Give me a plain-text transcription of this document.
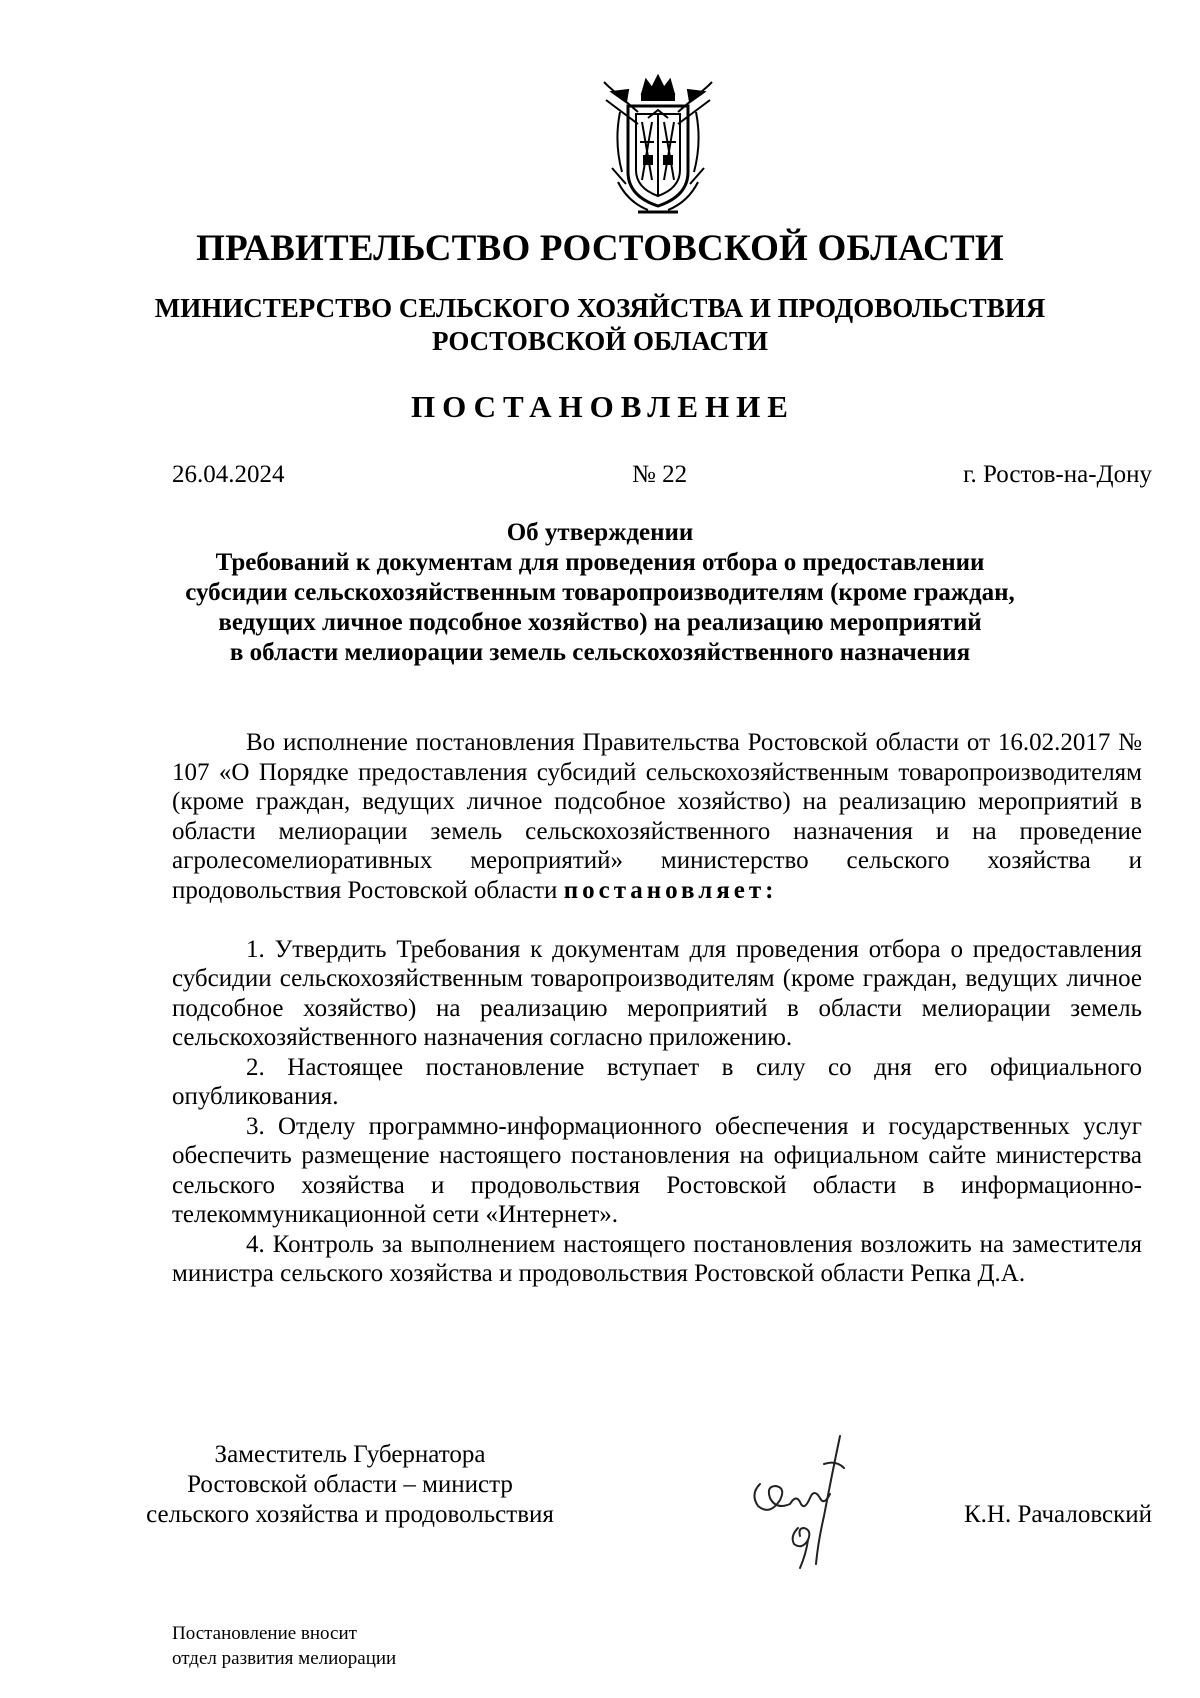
ПРАВИТЕЛЬСТВО РОСТОВСКОЙ ОБЛАСТИ
МИНИСТЕРСТВО СЕЛЬСКОГО ХОЗЯЙСТВА И ПРОДОВОЛЬСТВИЯ
РОСТОВСКОЙ ОБЛАСТИ
ПОСТАНОВЛЕНИЕ
26.04.2024	№ 22	г. Ростов-на-Дону
Об утверждении
Требований к документам для проведения отбора о предоставлении
субсидии сельскохозяйственным товаропроизводителям (кроме граждан,
ведущих личное подсобное хозяйство) на реализацию мероприятий
в области мелиорации земель сельскохозяйственного назначения

Во исполнение постановления Правительства Ростовской области от 16.02.2017 № 107 «О Порядке предоставления субсидий сельскохозяйственным товаропроизводителям (кроме граждан, ведущих личное подсобное хозяйство) на реализацию мероприятий в области мелиорации земель сельскохозяйственного назначения и на проведение агролесомелиоративных мероприятий» министерство сельского хозяйства и продовольствия Ростовской области постановляет:

1. Утвердить Требования к документам для проведения отбора о предоставления субсидии сельскохозяйственным товаропроизводителям (кроме граждан, ведущих личное подсобное хозяйство) на реализацию мероприятий в области мелиорации земель сельскохозяйственного назначения согласно приложению.

2. Настоящее постановление вступает в силу со дня его официального опубликования.

3. Отделу программно-информационного обеспечения и государственных услуг обеспечить размещение настоящего постановления на официальном сайте министерства сельского хозяйства и продовольствия Ростовской области в информационно-телекоммуникационной сети «Интернет».

4. Контроль за выполнением настоящего постановления возложить на заместителя министра сельского хозяйства и продовольствия Ростовской области Репка Д.А.

Заместитель Губернатора
Ростовской области – министр
сельского хозяйства и продовольствия	К.Н. Рачаловский
Постановление вносит
отдел развития мелиорации
